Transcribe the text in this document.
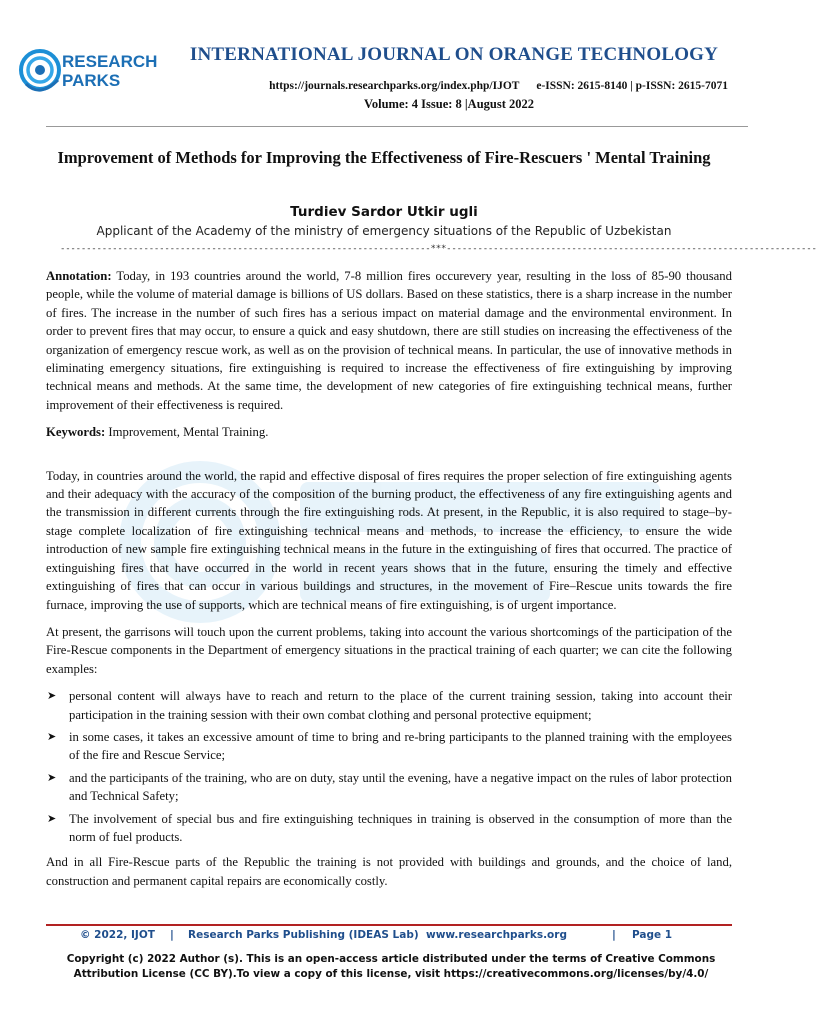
RESEARCH
PARKS
INTERNATIONAL JOURNAL ON ORANGE TECHNOLOGY
https://journals.researchparks.org/index.php/IJOT e-ISSN: 2615-8140 | p-ISSN: 2615-7071
Volume: 4 Issue: 8 |August 2022
Improvement of Methods for Improving the Effectiveness of Fire-Rescuers ' Mental Training
Turdiev Sardor Utkir ugli
Applicant of the Academy of the ministry of emergency situations of the Republic of Uzbekistan
-----------------------------------------------------------------------***-----------------------------------------------------------------------

Annotation: Today, in 193 countries around the world, 7-8 million fires occurevery year, resulting in the loss of 85-90 thousand people, while the volume of material damage is billions of US dollars. Based on these statistics, there is a sharp increase in the number of fires. The increase in the number of such fires has a serious impact on material damage and the environmental environment. In order to prevent fires that may occur, to ensure a quick and easy shutdown, there are still studies on increasing the effectiveness of the organization of emergency rescue work, as well as on the provision of technical means. In particular, the use of innovative methods in eliminating emergency situations, fire extinguishing is required to increase the effectiveness of fire extinguishing by improving technical means and methods. At the same time, the development of new categories of fire extinguishing technical means, further improvement of their effectiveness is required.

Keywords: Improvement, Mental Training.

Today, in countries around the world, the rapid and effective disposal of fires requires the proper selection of fire extinguishing agents and their adequacy with the accuracy of the composition of the burning product, the effectiveness of any fire extinguishing agents and the transmission in different currents through the fire extinguishing rods. At present, in the Republic, it is also required to stage–by-stage complete localization of fire extinguishing technical means and methods, to increase the efficiency, to ensure the wide introduction of new sample fire extinguishing technical means in the future in the extinguishing of fires that occurred. The practice of extinguishing fires that have occurred in the world in recent years shows that in the future, ensuring the timely and effective extinguishing of fires that can occur in various buildings and structures, in the movement of Fire–Rescue units towards the fire furnace, improving the use of supports, which are technical means of fire extinguishing, is of urgent importance.

At present, the garrisons will touch upon the current problems, taking into account the various shortcomings of the participation of the Fire-Rescue components in the Department of emergency situations in the practical training of each quarter; we can cite the following examples:

➤ personal content will always have to reach and return to the place of the current training session, taking into account their participation in the training session with their own combat clothing and personal protective equipment;
➤ in some cases, it takes an excessive amount of time to bring and re-bring participants to the planned training with the employees of the fire and Rescue Service;
➤ and the participants of the training, who are on duty, stay until the evening, have a negative impact on the rules of labor protection and Technical Safety;
➤ The involvement of special bus and fire extinguishing techniques in training is observed in the consumption of more than the norm of fuel products.

And in all Fire-Rescue parts of the Republic the training is not provided with buildings and grounds, and the choice of land, construction and permanent capital repairs are economically costly.

© 2022, IJOT | Research Parks Publishing (IDEAS Lab) www.researchparks.org	| Page 1
Copyright (c) 2022 Author (s). This is an open-access article distributed under the terms of Creative Commons Attribution License (CC BY).To view a copy of this license, visit https://creativecommons.org/licenses/by/4.0/
